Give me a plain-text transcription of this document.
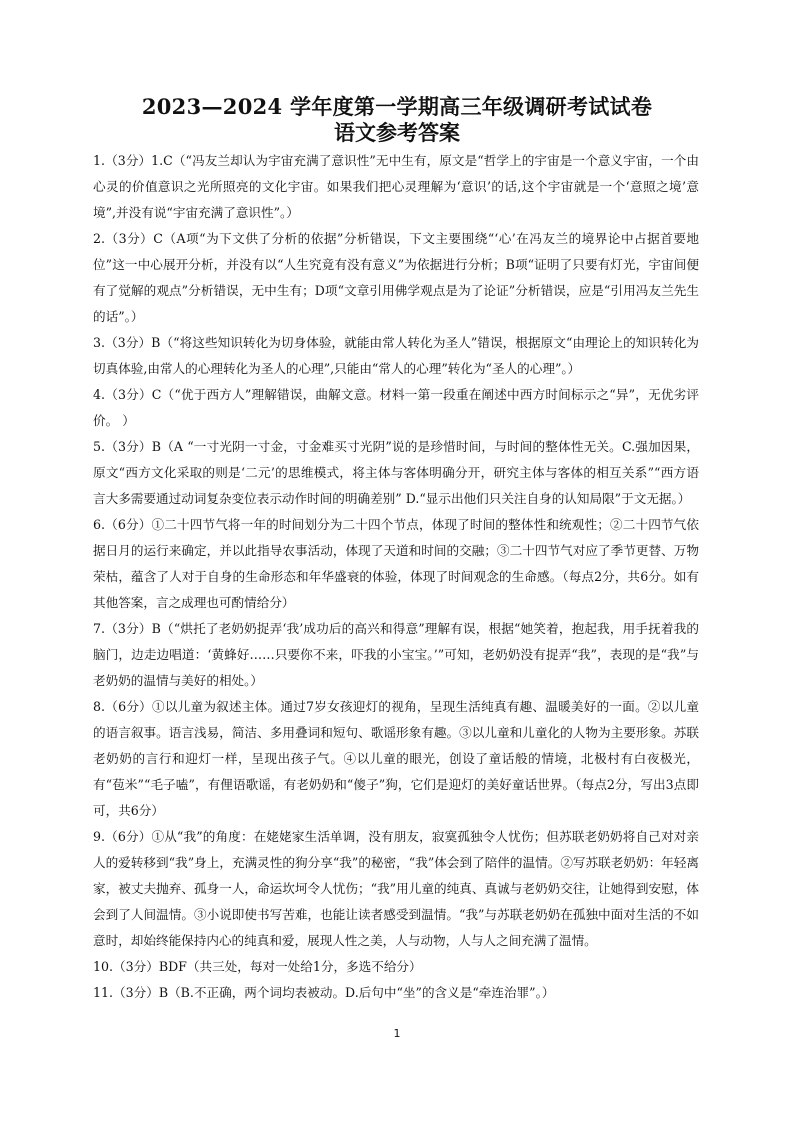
2023—2024 学年度第一学期高三年级调研考试试卷
语文参考答案

1.（3分）1.C（“冯友兰却认为宇宙充满了意识性”无中生有，原文是“哲学上的宇宙是一个意义宇宙，一个由心灵的价值意识之光所照亮的文化宇宙。如果我们把心灵理解为‘意识’的话,这个宇宙就是一个‘意照之境’意境”,并没有说“宇宙充满了意识性”。）

2.（3分）C（A项“为下文供了分析的依据”分析错误，下文主要围绕“‘心’在冯友兰的境界论中占据首要地位”这一中心展开分析，并没有以“人生究竟有没有意义”为依据进行分析；B项“证明了只要有灯光，宇宙间便有了觉解的观点”分析错误，无中生有；D项“文章引用佛学观点是为了论证”分析错误，应是“引用冯友兰先生的话”。）

3.（3分）B（“将这些知识转化为切身体验，就能由常人转化为圣人”错误，根据原文“由理论上的知识转化为切真体验,由常人的心理转化为圣人的心理”,只能由“常人的心理”转化为“圣人的心理”。）

4.（3分）C（“优于西方人”理解错误，曲解文意。材料一第一段重在阐述中西方时间标示之“异”，无优劣评价。 ）

5.（3分）B（A “一寸光阴一寸金，寸金难买寸光阴”说的是珍惜时间，与时间的整体性无关。C.强加因果，原文“西方文化采取的则是‘二元’的思维模式，将主体与客体明确分开，研究主体与客体的相互关系”“西方语言大多需要通过动词复杂变位表示动作时间的明确差别” D.“显示出他们只关注自身的认知局限”于文无据。）

6.（6分）①二十四节气将一年的时间划分为二十四个节点，体现了时间的整体性和统观性；②二十四节气依据日月的运行来确定，并以此指导农事活动，体现了天道和时间的交融；③二十四节气对应了季节更替、万物荣枯，蕴含了人对于自身的生命形态和年华盛衰的体验，体现了时间观念的生命感。（每点2分，共6分。如有其他答案，言之成理也可酌情给分）

7.（3分）B（“烘托了老奶奶捉弄‘我’成功后的高兴和得意”理解有误，根据“她笑着，抱起我，用手抚着我的脑门，边走边唱道：‘黄蜂好……只要你不来，吓我的小宝宝。’”可知，老奶奶没有捉弄“我”，表现的是“我”与老奶奶的温情与美好的相处。）

8.（6分）①以儿童为叙述主体。通过7岁女孩迎灯的视角，呈现生活纯真有趣、温暖美好的一面。②以儿童的语言叙事。语言浅易，简洁、多用叠词和短句、歌谣形象有趣。③以儿童和儿童化的人物为主要形象。苏联老奶奶的言行和迎灯一样，呈现出孩子气。④以儿童的眼光，创设了童话般的情境，北极村有白夜极光，有“苞米”“毛子嗑”，有俚语歌谣，有老奶奶和“傻子”狗，它们是迎灯的美好童话世界。（每点2分，写出3点即可，共6分）

9.（6分）①从“我”的角度：在姥姥家生活单调，没有朋友，寂寞孤独令人忧伤；但苏联老奶奶将自己对对亲人的爱转移到“我”身上，充满灵性的狗分享“我”的秘密，“我”体会到了陪伴的温情。②写苏联老奶奶：年轻离家，被丈夫抛弃、孤身一人，命运坎坷令人忧伤；“我”用儿童的纯真、真诚与老奶奶交往，让她得到安慰，体会到了人间温情。③小说即使书写苦难，也能让读者感受到温情。“我”与苏联老奶奶在孤独中面对生活的不如意时，却始终能保持内心的纯真和爱，展现人性之美，人与动物，人与人之间充满了温情。

10.（3分）BDF（共三处，每对一处给1分，多选不给分）

11.（3分）B（B.不正确，两个词均表被动。D.后句中“坐”的含义是“牵连治罪”。）

1
